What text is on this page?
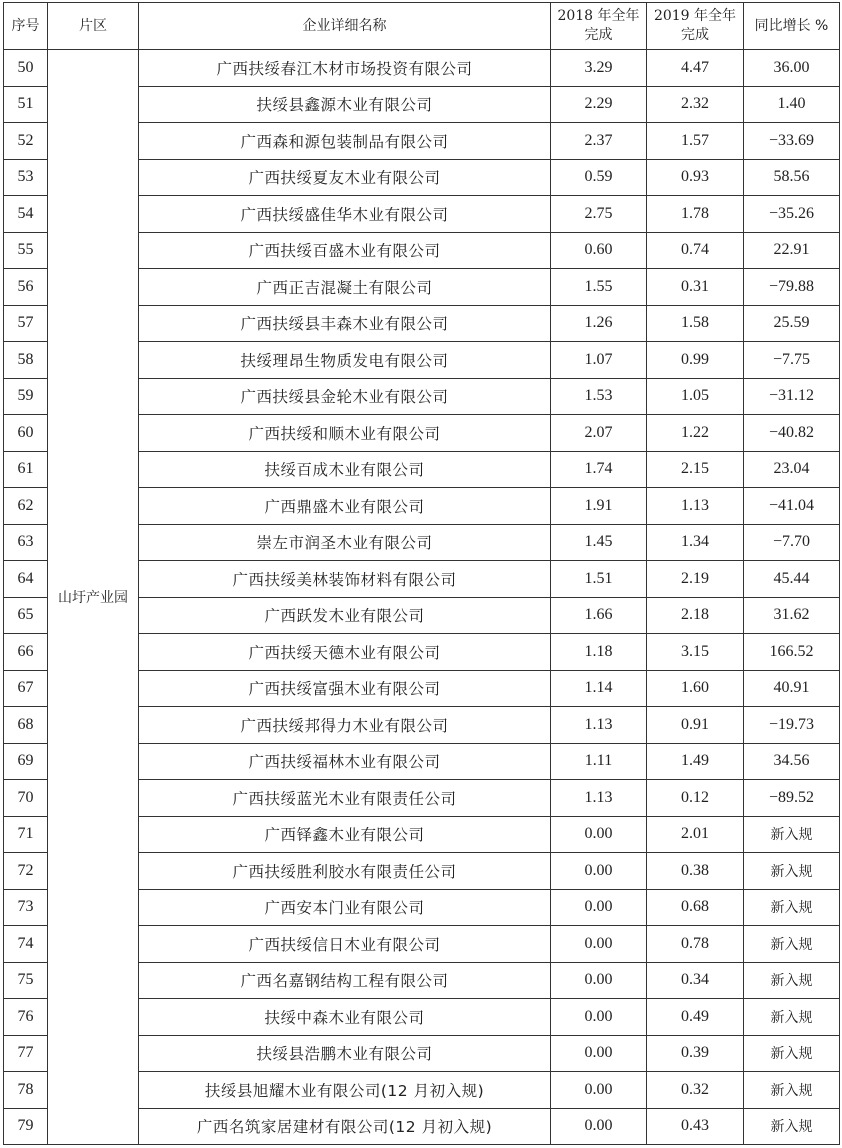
序号	片区	企业详细名称	2018 年全年完成	2019 年全年完成	同比增长 %
50	山圩产业园	广西扶绥春江木材市场投资有限公司	3.29	4.47	36.00
51		扶绥县鑫源木业有限公司	2.29	2.32	1.40
52		广西森和源包装制品有限公司	2.37	1.57	−33.69
53		广西扶绥夏友木业有限公司	0.59	0.93	58.56
54		广西扶绥盛佳华木业有限公司	2.75	1.78	−35.26
55		广西扶绥百盛木业有限公司	0.60	0.74	22.91
56		广西正吉混凝土有限公司	1.55	0.31	−79.88
57		广西扶绥县丰森木业有限公司	1.26	1.58	25.59
58		扶绥理昂生物质发电有限公司	1.07	0.99	−7.75
59		广西扶绥县金轮木业有限公司	1.53	1.05	−31.12
60		广西扶绥和顺木业有限公司	2.07	1.22	−40.82
61		扶绥百成木业有限公司	1.74	2.15	23.04
62		广西鼎盛木业有限公司	1.91	1.13	−41.04
63		崇左市润圣木业有限公司	1.45	1.34	−7.70
64		广西扶绥美林装饰材料有限公司	1.51	2.19	45.44
65		广西跃发木业有限公司	1.66	2.18	31.62
66		广西扶绥天德木业有限公司	1.18	3.15	166.52
67		广西扶绥富强木业有限公司	1.14	1.60	40.91
68		广西扶绥邦得力木业有限公司	1.13	0.91	−19.73
69		广西扶绥福林木业有限公司	1.11	1.49	34.56
70		广西扶绥蓝光木业有限责任公司	1.13	0.12	−89.52
71		广西铎鑫木业有限公司	0.00	2.01	新入规
72		广西扶绥胜利胶水有限责任公司	0.00	0.38	新入规
73		广西安本门业有限公司	0.00	0.68	新入规
74		广西扶绥信日木业有限公司	0.00	0.78	新入规
75		广西名嘉钢结构工程有限公司	0.00	0.34	新入规
76		扶绥中森木业有限公司	0.00	0.49	新入规
77		扶绥县浩鹏木业有限公司	0.00	0.39	新入规
78		扶绥县旭耀木业有限公司(12 月初入规)	0.00	0.32	新入规
79		广西名筑家居建材有限公司(12 月初入规)	0.00	0.43	新入规
